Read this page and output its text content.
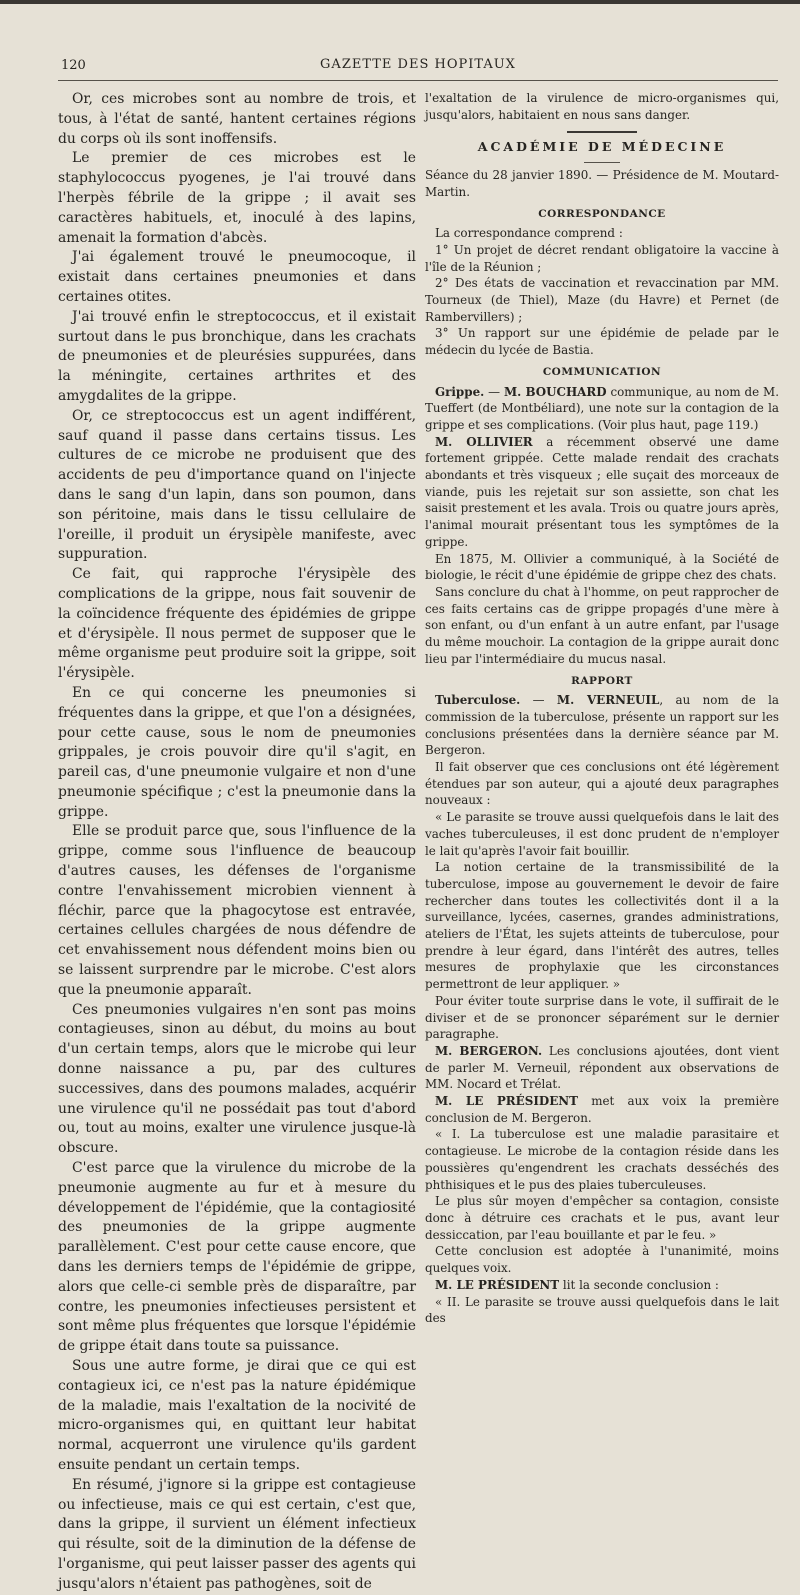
120	GAZETTE DES HOPITAUX

Or, ces microbes sont au nombre de trois, et tous, à l'état de santé, hantent certaines régions du corps où ils sont inoffensifs.

Le premier de ces microbes est le staphylococcus pyogenes, je l'ai trouvé dans l'herpès fébrile de la grippe ; il avait ses caractères habituels, et, inoculé à des lapins, amenait la formation d'abcès.

J'ai également trouvé le pneumocoque, il existait dans certaines pneumonies et dans certaines otites.

J'ai trouvé enfin le streptococcus, et il existait surtout dans le pus bronchique, dans les crachats de pneumonies et de pleurésies suppurées, dans la méningite, certaines arthrites et des amygdalites de la grippe.

Or, ce streptococcus est un agent indifférent, sauf quand il passe dans certains tissus. Les cultures de ce microbe ne produisent que des accidents de peu d'importance quand on l'injecte dans le sang d'un lapin, dans son poumon, dans son péritoine, mais dans le tissu cellulaire de l'oreille, il produit un érysipèle manifeste, avec suppuration.

Ce fait, qui rapproche l'érysipèle des complications de la grippe, nous fait souvenir de la coïncidence fréquente des épidémies de grippe et d'érysipèle. Il nous permet de supposer que le même organisme peut produire soit la grippe, soit l'érysipèle.

En ce qui concerne les pneumonies si fréquentes dans la grippe, et que l'on a désignées, pour cette cause, sous le nom de pneumonies grippales, je crois pouvoir dire qu'il s'agit, en pareil cas, d'une pneumonie vulgaire et non d'une pneumonie spécifique ; c'est la pneumonie dans la grippe.

Elle se produit parce que, sous l'influence de la grippe, comme sous l'influence de beaucoup d'autres causes, les défenses de l'organisme contre l'envahissement microbien viennent à fléchir, parce que la phagocytose est entravée, certaines cellules chargées de nous défendre de cet envahissement nous défendent moins bien ou se laissent surprendre par le microbe. C'est alors que la pneumonie apparaît.

Ces pneumonies vulgaires n'en sont pas moins contagieuses, sinon au début, du moins au bout d'un certain temps, alors que le microbe qui leur donne naissance a pu, par des cultures successives, dans des poumons malades, acquérir une virulence qu'il ne possédait pas tout d'abord ou, tout au moins, exalter une virulence jusque-là obscure.

C'est parce que la virulence du microbe de la pneumonie augmente au fur et à mesure du développement de l'épidémie, que la contagiosité des pneumonies de la grippe augmente parallèlement. C'est pour cette cause encore, que dans les derniers temps de l'épidémie de grippe, alors que celle-ci semble près de disparaître, par contre, les pneumonies infectieuses persistent et sont même plus fréquentes que lorsque l'épidémie de grippe était dans toute sa puissance.

Sous une autre forme, je dirai que ce qui est contagieux ici, ce n'est pas la nature épidémique de la maladie, mais l'exaltation de la nocivité de micro-organismes qui, en quittant leur habitat normal, acquerront une virulence qu'ils gardent ensuite pendant un certain temps.

En résumé, j'ignore si la grippe est contagieuse ou infectieuse, mais ce qui est certain, c'est que, dans la grippe, il survient un élément infectieux qui résulte, soit de la diminution de la défense de l'organisme, qui peut laisser passer des agents qui jusqu'alors n'étaient pas pathogènes, soit de

l'exaltation de la virulence de micro-organismes qui, jusqu'alors, habitaient en nous sans danger.

ACADÉMIE DE MÉDECINE

Séance du 28 janvier 1890. — Présidence de M. Moutard-Martin.

CORRESPONDANCE

La correspondance comprend :

1° Un projet de décret rendant obligatoire la vaccine à l'île de la Réunion ;

2° Des états de vaccination et revaccination par MM. Tourneux (de Thiel), Maze (du Havre) et Pernet (de Rambervillers) ;

3° Un rapport sur une épidémie de pelade par le médecin du lycée de Bastia.

COMMUNICATION

Grippe. — M. BOUCHARD communique, au nom de M. Tueffert (de Montbéliard), une note sur la contagion de la grippe et ses complications. (Voir plus haut, page 119.)

M. OLLIVIER a récemment observé une dame fortement grippée. Cette malade rendait des crachats abondants et très visqueux ; elle suçait des morceaux de viande, puis les rejetait sur son assiette, son chat les saisit prestement et les avala. Trois ou quatre jours après, l'animal mourait présentant tous les symptômes de la grippe.

En 1875, M. Ollivier a communiqué, à la Société de biologie, le récit d'une épidémie de grippe chez des chats.

Sans conclure du chat à l'homme, on peut rapprocher de ces faits certains cas de grippe propagés d'une mère à son enfant, ou d'un enfant à un autre enfant, par l'usage du même mouchoir. La contagion de la grippe aurait donc lieu par l'intermédiaire du mucus nasal.

RAPPORT

Tuberculose. — M. VERNEUIL, au nom de la commission de la tuberculose, présente un rapport sur les conclusions présentées dans la dernière séance par M. Bergeron.

Il fait observer que ces conclusions ont été légèrement étendues par son auteur, qui a ajouté deux paragraphes nouveaux :

« Le parasite se trouve aussi quelquefois dans le lait des vaches tuberculeuses, il est donc prudent de n'employer le lait qu'après l'avoir fait bouillir.

La notion certaine de la transmissibilité de la tuberculose, impose au gouvernement le devoir de faire rechercher dans toutes les collectivités dont il a la surveillance, lycées, casernes, grandes administrations, ateliers de l'État, les sujets atteints de tuberculose, pour prendre à leur égard, dans l'intérêt des autres, telles mesures de prophylaxie que les circonstances permettront de leur appliquer. »

Pour éviter toute surprise dans le vote, il suffirait de le diviser et de se prononcer séparément sur le dernier paragraphe.

M. BERGERON. Les conclusions ajoutées, dont vient de parler M. Verneuil, répondent aux observations de MM. Nocard et Trélat.

M. LE PRÉSIDENT met aux voix la première conclusion de M. Bergeron.

« I. La tuberculose est une maladie parasitaire et contagieuse. Le microbe de la contagion réside dans les poussières qu'engendrent les crachats desséchés des phthisiques et le pus des plaies tuberculeuses.

Le plus sûr moyen d'empêcher sa contagion, consiste donc à détruire ces crachats et le pus, avant leur dessiccation, par l'eau bouillante et par le feu. »

Cette conclusion est adoptée à l'unanimité, moins quelques voix.

M. LE PRÉSIDENT lit la seconde conclusion :

« II. Le parasite se trouve aussi quelquefois dans le lait des
